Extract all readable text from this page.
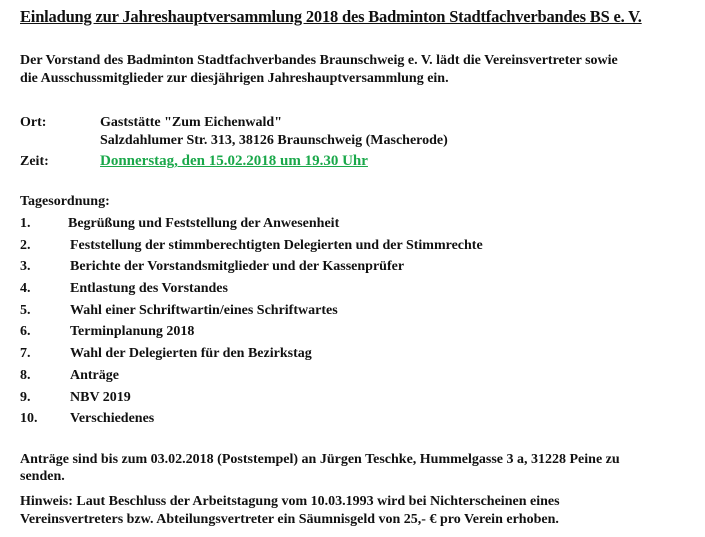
Einladung zur Jahreshauptversammlung 2018 des Badminton Stadtfachverbandes BS e. V.
Der Vorstand des Badminton Stadtfachverbandes Braunschweig e. V. lädt die Vereinsvertreter sowie
die Ausschussmitglieder zur diesjährigen Jahreshauptversammlung ein.
Ort:	Gaststätte "Zum Eichenwald"
Salzdahlumer Str. 313, 38126 Braunschweig (Mascherode)
Zeit:	Donnerstag, den 15.02.2018 um 19.30 Uhr
Tagesordnung:
1.	Begrüßung und Feststellung der Anwesenheit
2.	Feststellung der stimmberechtigten Delegierten und der Stimmrechte
3.	Berichte der Vorstandsmitglieder und der Kassenprüfer
4.	Entlastung des Vorstandes
5.	Wahl einer Schriftwartin/eines Schriftwartes
6.	Terminplanung 2018
7.	Wahl der Delegierten für den Bezirkstag
8.	Anträge
9.	NBV 2019
10. Verschiedenes
Anträge sind bis zum 03.02.2018 (Poststempel) an Jürgen Teschke, Hummelgasse 3 a, 31228 Peine zu
senden.
Hinweis: Laut Beschluss der Arbeitstagung vom 10.03.1993 wird bei Nichterscheinen eines
Vereinsvertreters bzw. Abteilungsvertreter ein Säumnisgeld von 25,- € pro Verein erhoben.
